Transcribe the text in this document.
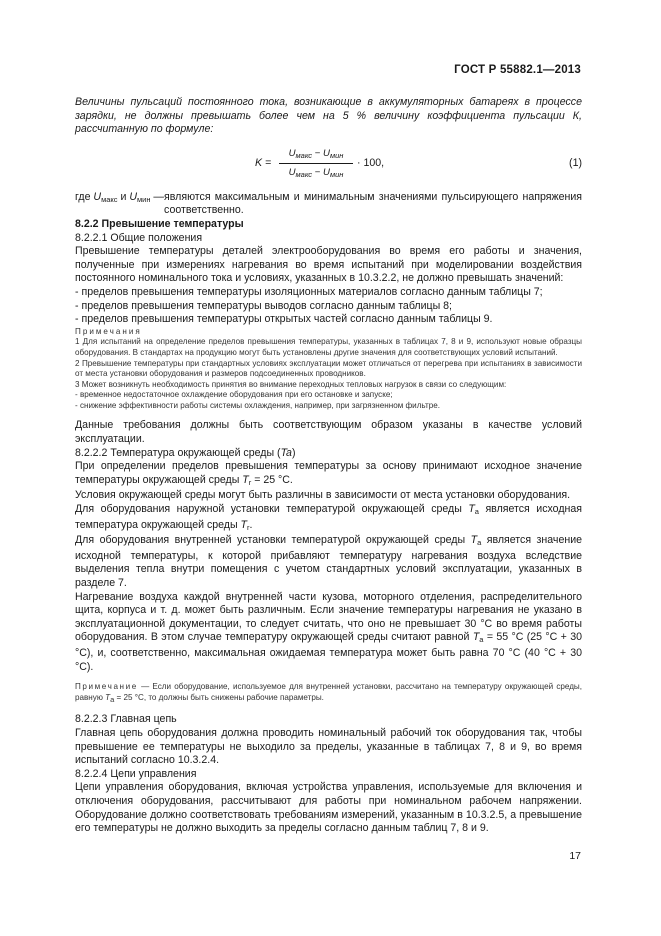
ГОСТ Р 55882.1—2013

Величины пульсаций постоянного тока, возникающие в аккумуляторных батареях в процессе зарядки, не должны превышать более чем на 5 % величину коэффициента пульсации К, рассчитанную по формуле:

K =
$U_{макс} - U_{мин}$
$U_{макс} - U_{мин}$
· 100,	(1)
где $U_{макс}$ и $U_{мин}$ — являются максимальным и минимальным значениями пульсирующего напряжения соответственно.

8.2.2 Превышение температуры

8.2.2.1 Общие положения

Превышение температуры деталей электрооборудования во время его работы и значения, полученные при измерениях нагревания во время испытаний при моделировании воздействия постоянного номинального тока и условиях, указанных в 10.3.2.2, не должно превышать значений:

- пределов превышения температуры изоляционных материалов согласно данным таблицы 7;

- пределов превышения температуры выводов согласно данным таблицы 8;

- пределов превышения температуры открытых частей согласно данным таблицы 9.

Примечания

1 Для испытаний на определение пределов превышения температуры, указанных в таблицах 7, 8 и 9, используют новые образцы оборудования. В стандартах на продукцию могут быть установлены другие значения для соответствующих условий испытаний.

2 Превышение температуры при стандартных условиях эксплуатации может отличаться от перегрева при испытаниях в зависимости от места установки оборудования и размеров подсоединенных проводников.

3 Может возникнуть необходимость принятия во внимание переходных тепловых нагрузок в связи со следующим:

- временное недостаточное охлаждение оборудования при его остановке и запуске;

- снижение эффективности работы системы охлаждения, например, при загрязненном фильтре.

Данные требования должны быть соответствующим образом указаны в качестве условий эксплуатации.

8.2.2.2 Температура окружающей среды (Ta)

При определении пределов превышения температуры за основу принимают исходное значение температуры окружающей среды $T_r = 25$ °C.

Условия окружающей среды могут быть различны в зависимости от места установки оборудования.

Для оборудования наружной установки температурой окружающей среды $T_a$ является исходная температура окружающей среды $T_r$.

Для оборудования внутренней установки температурой окружающей среды $T_a$ является значение исходной температуры, к которой прибавляют температуру нагревания воздуха вследствие выделения тепла внутри помещения с учетом стандартных условий эксплуатации, указанных в разделе 7.

Нагревание воздуха каждой внутренней части кузова, моторного отделения, распределительного щита, корпуса и т. д. может быть различным. Если значение температуры нагревания не указано в эксплуатационной документации, то следует считать, что оно не превышает 30 °C во время работы оборудования. В этом случае температуру окружающей среды считают равной $T_a = 55$ °C (25 °C + 30 °C), и, соответственно, максимальная ожидаемая температура может быть равна 70 °C (40 °C + 30 °C).

Примечание — Если оборудование, используемое для внутренней установки, рассчитано на температуру окружающей среды, равную $T_a = 25$ °C, то должны быть снижены рабочие параметры.

8.2.2.3 Главная цепь

Главная цепь оборудования должна проводить номинальный рабочий ток оборудования так, чтобы превышение ее температуры не выходило за пределы, указанные в таблицах 7, 8 и 9, во время испытаний согласно 10.3.2.4.

8.2.2.4 Цепи управления

Цепи управления оборудования, включая устройства управления, используемые для включения и отключения оборудования, рассчитывают для работы при номинальном рабочем напряжении. Оборудование должно соответствовать требованиям измерений, указанным в 10.3.2.5, а превышение его температуры не должно выходить за пределы согласно данным таблиц 7, 8 и 9.

17
